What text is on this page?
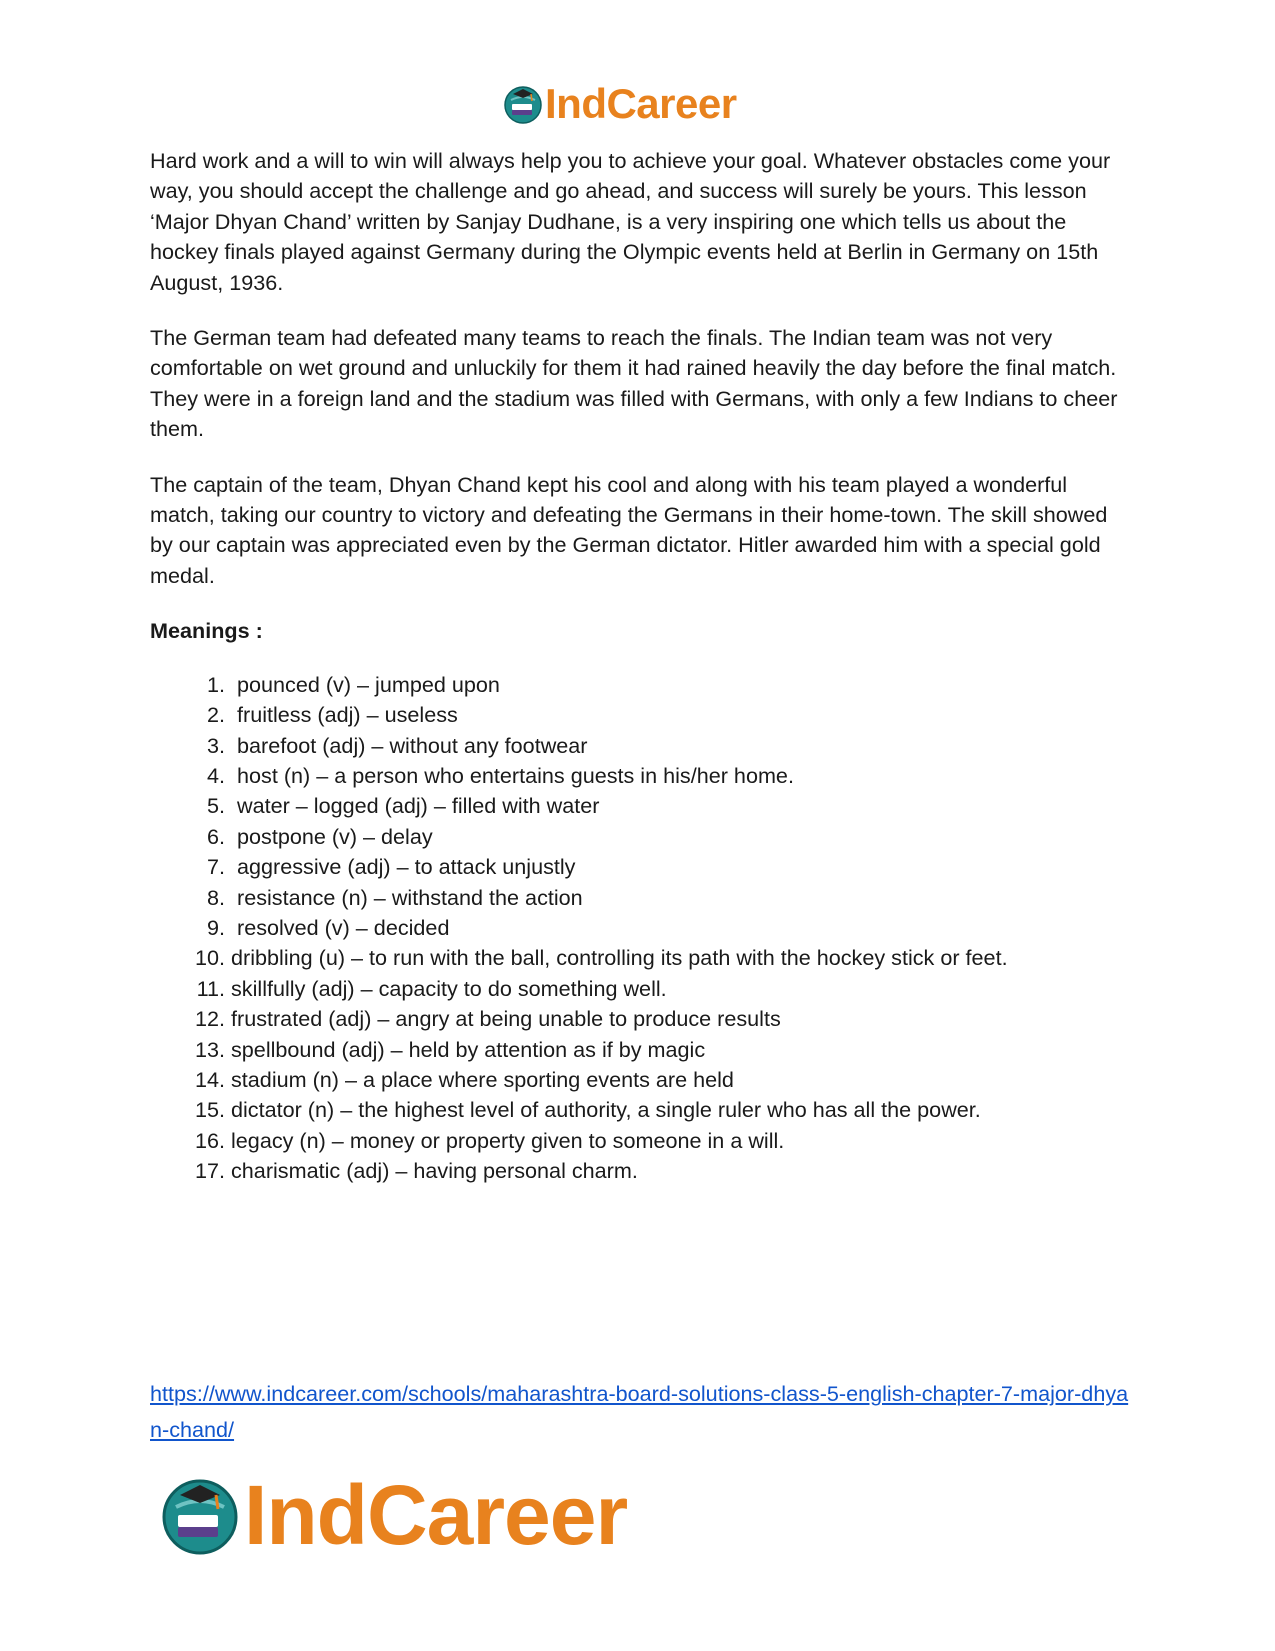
IndCareer

Hard work and a will to win will always help you to achieve your goal. Whatever obstacles come your way, you should accept the challenge and go ahead, and success will surely be yours. This lesson ‘Major Dhyan Chand’ written by Sanjay Dudhane, is a very inspiring one which tells us about the hockey finals played against Germany during the Olympic events held at Berlin in Germany on 15th August, 1936.

The German team had defeated many teams to reach the finals. The Indian team was not very comfortable on wet ground and unluckily for them it had rained heavily the day before the final match. They were in a foreign land and the stadium was filled with Germans, with only a few Indians to cheer them.

The captain of the team, Dhyan Chand kept his cool and along with his team played a wonderful match, taking our country to victory and defeating the Germans in their home-town. The skill showed by our captain was appreciated even by the German dictator. Hitler awarded him with a special gold medal.

Meanings :

1. pounced (v) – jumped upon
2. fruitless (adj) – useless
3. barefoot (adj) – without any footwear
4. host (n) – a person who entertains guests in his/her home.
5. water – logged (adj) – filled with water
6. postpone (v) – delay
7. aggressive (adj) – to attack unjustly
8. resistance (n) – withstand the action
9. resolved (v) – decided
10. dribbling (u) – to run with the ball, controlling its path with the hockey stick or feet.
11. skillfully (adj) – capacity to do something well.
12. frustrated (adj) – angry at being unable to produce results
13. spellbound (adj) – held by attention as if by magic
14. stadium (n) – a place where sporting events are held
15. dictator (n) – the highest level of authority, a single ruler who has all the power.
16. legacy (n) – money or property given to someone in a will.
17. charismatic (adj) – having personal charm.
https://www.indcareer.com/schools/maharashtra-board-solutions-class-5-english-chapter-7-major-dhyan-chand/
IndCareer
